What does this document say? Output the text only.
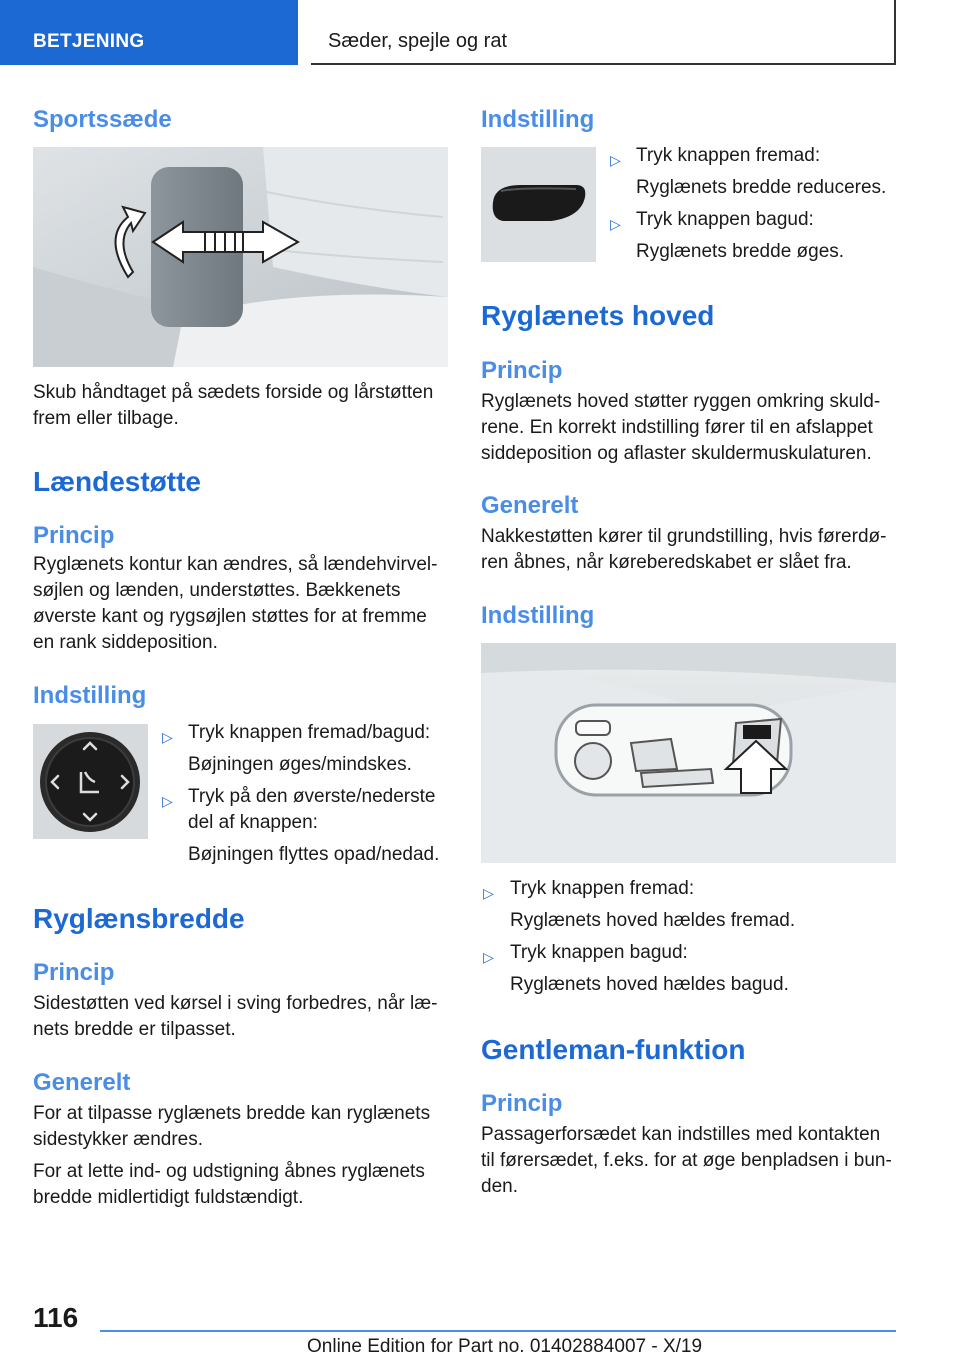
BETJENING	Sæder, spejle og rat
Sportssæde
Skub håndtaget på sædets forside og lårstøtten
frem eller tilbage.
Lændestøtte
Princip
Ryglænets kontur kan ændres, så lændehvirvel-
søjlen og lænden, understøttes. Bækkenets
øverste kant og rygsøjlen støttes for at fremme
en rank siddeposition.
Indstilling
▷ Tryk knappen fremad/bagud:
Bøjningen øges/mindskes.
▷ Tryk på den øverste/nederste
del af knappen:
Bøjningen flyttes opad/nedad.
Ryglænsbredde
Princip
Sidestøtten ved kørsel i sving forbedres, når læ-
nets bredde er tilpasset.
Generelt
For at tilpasse ryglænets bredde kan ryglænets
sidestykker ændres.
For at lette ind- og udstigning åbnes ryglænets
bredde midlertidigt fuldstændigt.
Indstilling
▷ Tryk knappen fremad:
Ryglænets bredde reduceres.
▷ Tryk knappen bagud:
Ryglænets bredde øges.
Ryglænets hoved
Princip
Ryglænets hoved støtter ryggen omkring skuld-
rene. En korrekt indstilling fører til en afslappet
siddeposition og aflaster skuldermuskulaturen.
Generelt
Nakkestøtten kører til grundstilling, hvis førerdø-
ren åbnes, når køreberedskabet er slået fra.
Indstilling
▷ Tryk knappen fremad:
Ryglænets hoved hældes fremad.
▷ Tryk knappen bagud:
Ryglænets hoved hældes bagud.
Gentleman-funktion
Princip
Passagerforsædet kan indstilles med kontakten
til førersædet, f.eks. for at øge benpladsen i bun-
den.
116
Online Edition for Part no. 01402884007 - X/19
